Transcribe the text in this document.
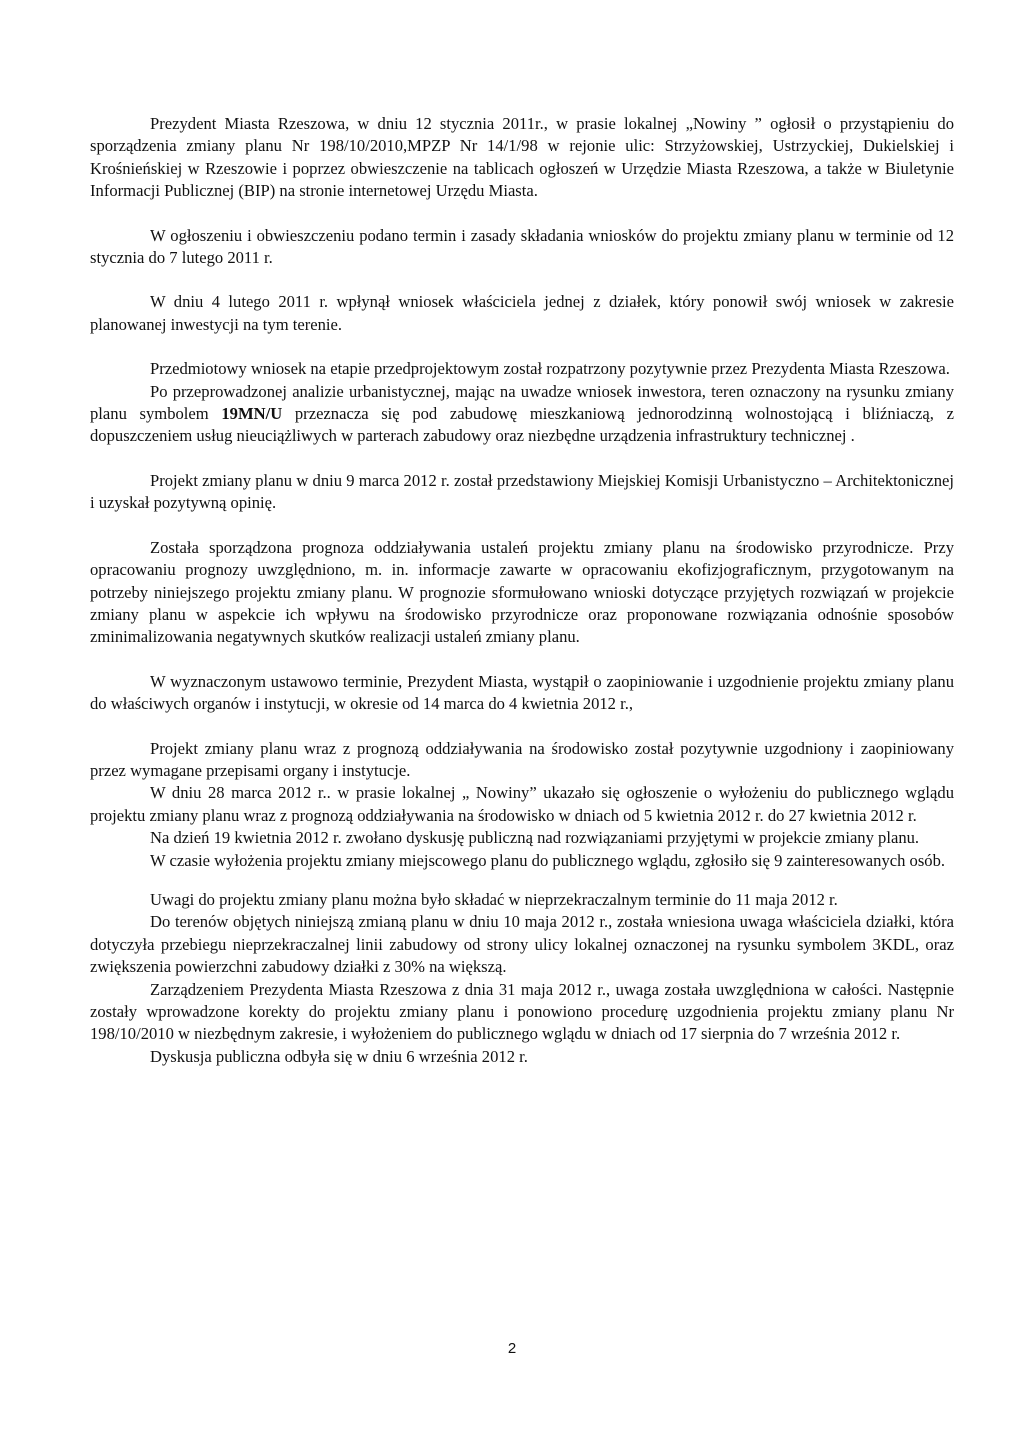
Prezydent Miasta Rzeszowa, w dniu 12 stycznia 2011r., w prasie lokalnej „Nowiny ” ogłosił o przystąpieniu do sporządzenia zmiany planu Nr 198/10/2010,MPZP Nr 14/1/98 w rejonie ulic: Strzyżowskiej, Ustrzyckiej, Dukielskiej i Krośnieńskiej w Rzeszowie i poprzez obwieszczenie na tablicach ogłoszeń w Urzędzie Miasta Rzeszowa, a także w Biuletynie Informacji Publicznej (BIP) na stronie internetowej Urzędu Miasta.

W ogłoszeniu i obwieszczeniu podano termin i zasady składania wniosków do projektu zmiany planu w terminie od 12 stycznia do 7 lutego 2011 r.

W dniu 4 lutego 2011 r. wpłynął wniosek właściciela jednej z działek, który ponowił swój wniosek w zakresie planowanej inwestycji na tym terenie.

Przedmiotowy wniosek na etapie przedprojektowym został rozpatrzony pozytywnie przez Prezydenta Miasta Rzeszowa.

Po przeprowadzonej analizie urbanistycznej, mając na uwadze wniosek inwestora, teren oznaczony na rysunku zmiany planu symbolem 19MN/U przeznacza się pod zabudowę mieszkaniową jednorodzinną wolnostojącą i bliźniaczą, z dopuszczeniem usług nieuciążliwych w parterach zabudowy oraz niezbędne urządzenia infrastruktury technicznej .

Projekt zmiany planu w dniu 9 marca 2012 r. został przedstawiony Miejskiej Komisji Urbanistyczno – Architektonicznej i uzyskał pozytywną opinię.

Została sporządzona prognoza oddziaływania ustaleń projektu zmiany planu na środowisko przyrodnicze. Przy opracowaniu prognozy uwzględniono, m. in. informacje zawarte w opracowaniu ekofizjograficznym, przygotowanym na potrzeby niniejszego projektu zmiany planu. W prognozie sformułowano wnioski dotyczące przyjętych rozwiązań w projekcie zmiany planu w aspekcie ich wpływu na środowisko przyrodnicze oraz proponowane rozwiązania odnośnie sposobów zminimalizowania negatywnych skutków realizacji ustaleń zmiany planu.

W wyznaczonym ustawowo terminie, Prezydent Miasta, wystąpił o zaopiniowanie i uzgodnienie projektu zmiany planu do właściwych organów i instytucji, w okresie od 14 marca do 4 kwietnia 2012 r.,

Projekt zmiany planu wraz z prognozą oddziaływania na środowisko został pozytywnie uzgodniony i zaopiniowany przez wymagane przepisami organy i instytucje.

W dniu 28 marca 2012 r.. w prasie lokalnej „ Nowiny” ukazało się ogłoszenie o wyłożeniu do publicznego wglądu projektu zmiany planu wraz z prognozą oddziaływania na środowisko w dniach od 5 kwietnia 2012 r. do 27 kwietnia 2012 r.

Na dzień 19 kwietnia 2012 r. zwołano dyskusję publiczną nad rozwiązaniami przyjętymi w projekcie zmiany planu.

W czasie wyłożenia projektu zmiany miejscowego planu do publicznego wglądu, zgłosiło się 9 zainteresowanych osób.

Uwagi do projektu zmiany planu można było składać w nieprzekraczalnym terminie do 11 maja 2012 r.

Do terenów objętych niniejszą zmianą planu w dniu 10 maja 2012 r., została wniesiona uwaga właściciela działki, która dotyczyła przebiegu nieprzekraczalnej linii zabudowy od strony ulicy lokalnej oznaczonej na rysunku symbolem 3KDL, oraz zwiększenia powierzchni zabudowy działki z 30% na większą.

Zarządzeniem Prezydenta Miasta Rzeszowa z dnia 31 maja 2012 r., uwaga została uwzględniona w całości. Następnie zostały wprowadzone korekty do projektu zmiany planu i ponowiono procedurę uzgodnienia projektu zmiany planu Nr 198/10/2010 w niezbędnym zakresie, i wyłożeniem do publicznego wglądu w dniach od 17 sierpnia do 7 września 2012 r.

Dyskusja publiczna odbyła się w dniu 6 września 2012 r.

2
